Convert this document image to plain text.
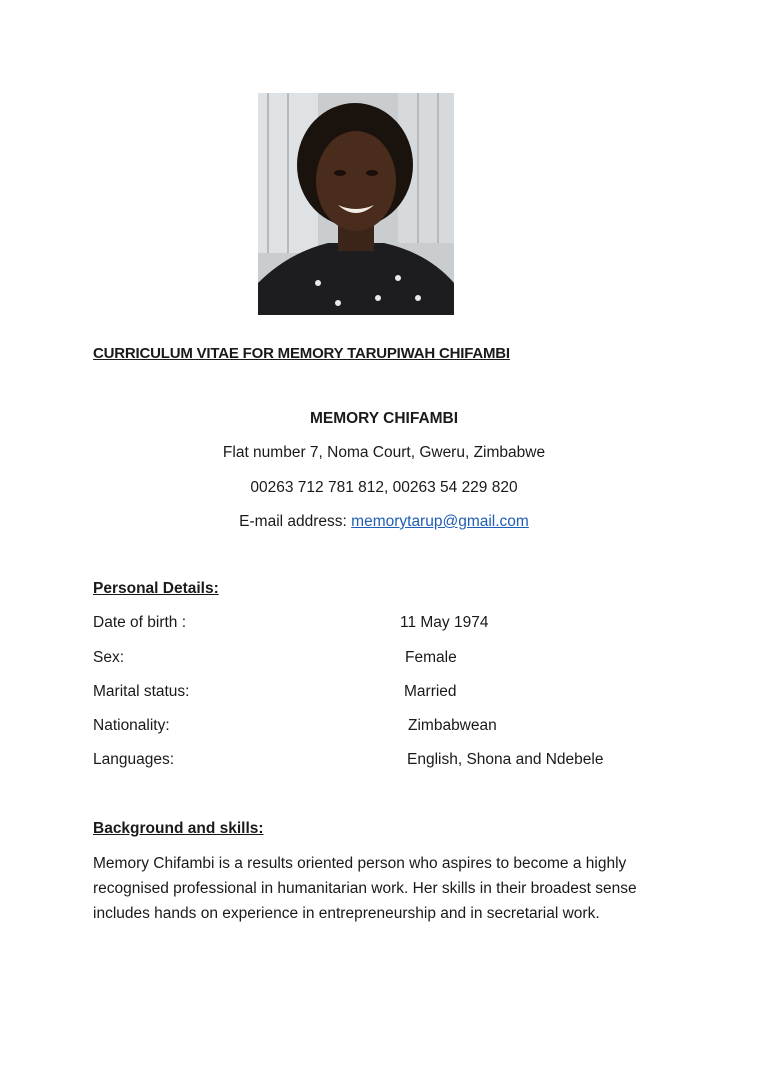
CURRICULUM VITAE FOR MEMORY TARUPIWAH CHIFAMBI
MEMORY CHIFAMBI
Flat number 7, Noma Court, Gweru, Zimbabwe
00263 712 781 812, 00263 54 229 820
E-mail address: memorytarup@gmail.com
Personal Details:
Date of birth :	11 May 1974
Sex:	Female
Marital status:	Married
Nationality:	Zimbabwean
Languages:	English, Shona and Ndebele
Background and skills:
Memory Chifambi is a results oriented person who aspires to become a highly recognised professional in humanitarian work. Her skills in their broadest sense includes hands on experience in entrepreneurship and in secretarial work.
